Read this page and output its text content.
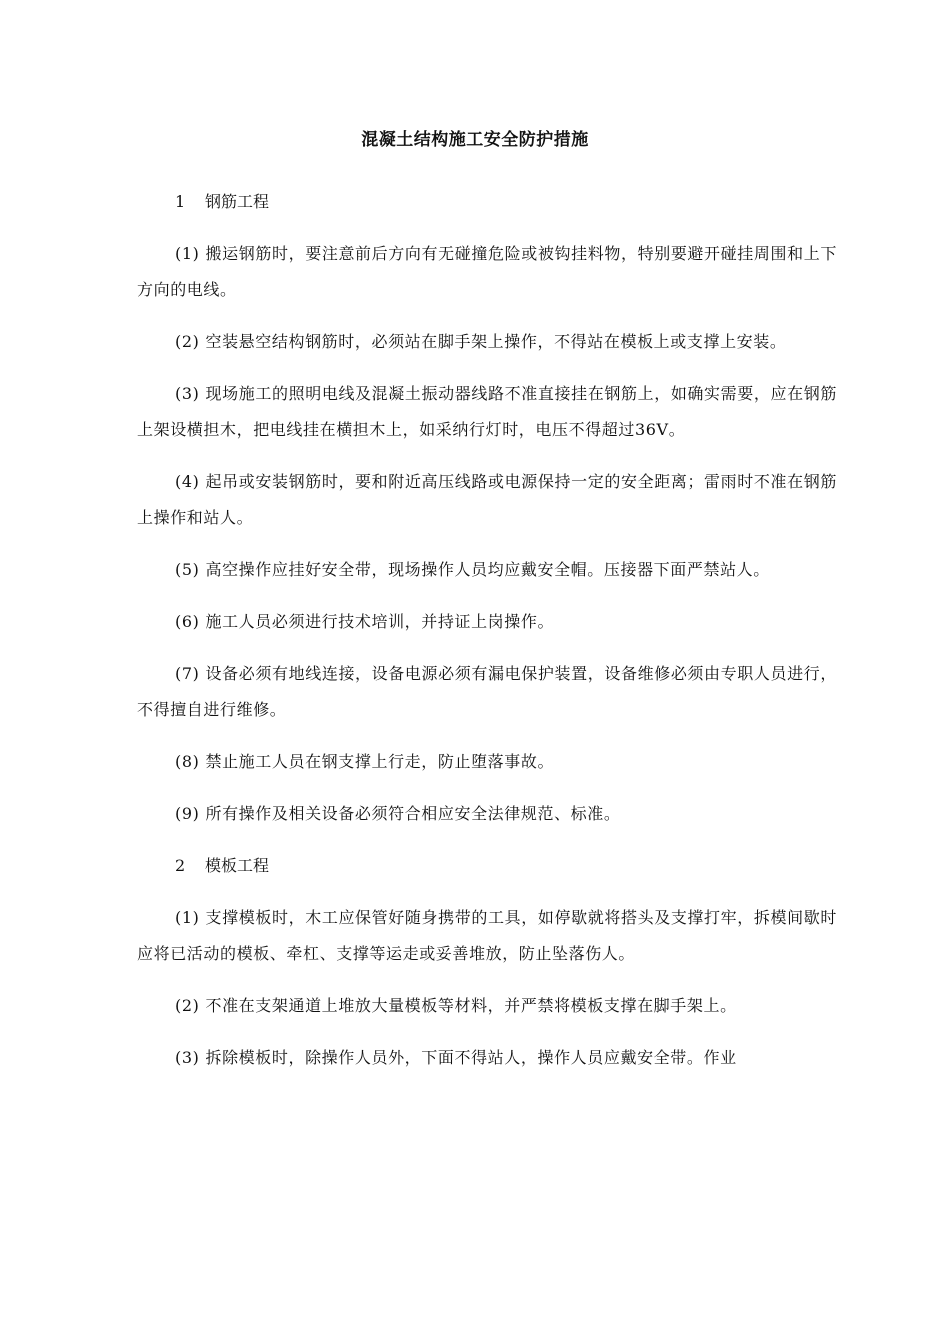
混凝土结构施工安全防护措施
1 钢筋工程
(1) 搬运钢筋时，要注意前后方向有无碰撞危险或被钩挂料物，特别要避开碰挂周围和上下方向的电线。
(2) 空装悬空结构钢筋时，必须站在脚手架上操作，不得站在模板上或支撑上安装。
(3) 现场施工的照明电线及混凝土振动器线路不准直接挂在钢筋上，如确实需要，应在钢筋上架设横担木，把电线挂在横担木上，如采纳行灯时，电压不得超过36V。
(4) 起吊或安装钢筋时，要和附近高压线路或电源保持一定的安全距离；雷雨时不准在钢筋上操作和站人。
(5) 高空操作应挂好安全带，现场操作人员均应戴安全帽。压接器下面严禁站人。
(6) 施工人员必须进行技术培训，并持证上岗操作。
(7) 设备必须有地线连接，设备电源必须有漏电保护装置，设备维修必须由专职人员进行，不得擅自进行维修。
(8) 禁止施工人员在钢支撑上行走，防止堕落事故。
(9) 所有操作及相关设备必须符合相应安全法律规范、标准。
2 模板工程
(1) 支撑模板时，木工应保管好随身携带的工具，如停歇就将搭头及支撑打牢，拆模间歇时应将已活动的模板、牵杠、支撑等运走或妥善堆放，防止坠落伤人。
(2) 不准在支架通道上堆放大量模板等材料，并严禁将模板支撑在脚手架上。
(3) 拆除模板时，除操作人员外，下面不得站人，操作人员应戴安全带。作业
